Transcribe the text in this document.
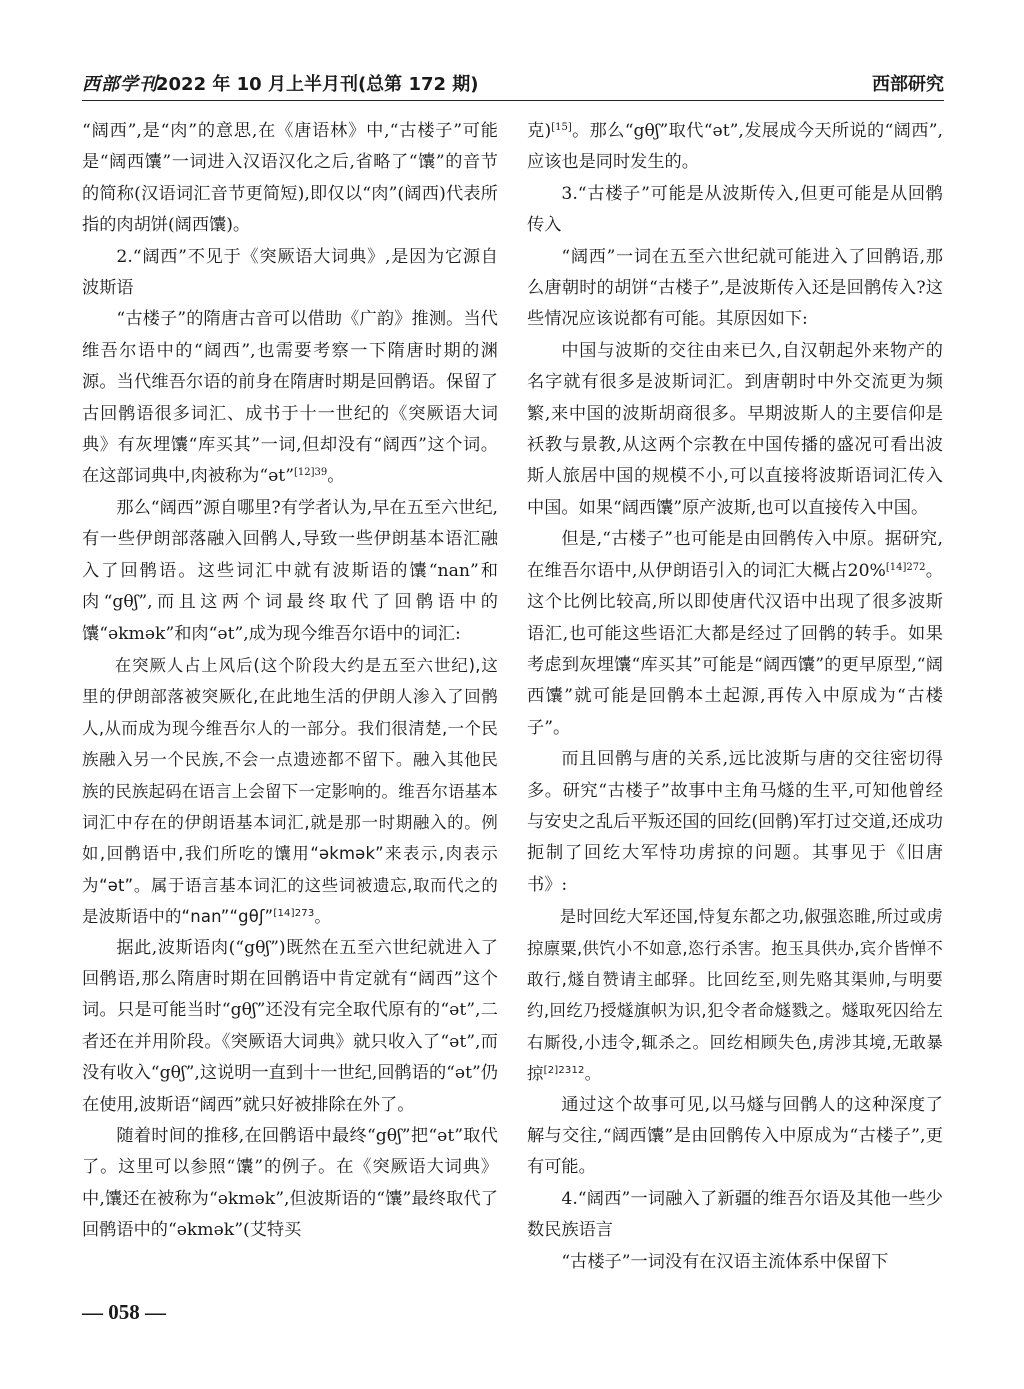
西部学刊
2022 年 10 月上半月刊(总第 172 期)	西部研究

“阔西”,是“肉”的意思,在《唐语林》中,“古楼子”可能是“阔西馕”一词进入汉语汉化之后,省略了“馕”的音节的简称(汉语词汇音节更简短),即仅以“肉”(阔西)代表所指的肉胡饼(阔西馕)。

2.“阔西”不见于《突厥语大词典》,是因为它源自波斯语

“古楼子”的隋唐古音可以借助《广韵》推测。当代维吾尔语中的“阔西”,也需要考察一下隋唐时期的渊源。当代维吾尔语的前身在隋唐时期是回鹘语。保留了古回鹘语很多词汇、成书于十一世纪的《突厥语大词典》有灰埋馕“库买其”一词,但却没有“阔西”这个词。在这部词典中,肉被称为“ət”$^{[12]39}$。

那么“阔西”源自哪里?有学者认为,早在五至六世纪,有一些伊朗部落融入回鹘人,导致一些伊朗基本语汇融入了回鹘语。这些词汇中就有波斯语的馕“nan”和肉“gθʃ”,而且这两个词最终取代了回鹘语中的馕“əkmək”和肉“ət”,成为现今维吾尔语中的词汇:

在突厥人占上风后(这个阶段大约是五至六世纪),这里的伊朗部落被突厥化,在此地生活的伊朗人渗入了回鹘人,从而成为现今维吾尔人的一部分。我们很清楚,一个民族融入另一个民族,不会一点遗迹都不留下。融入其他民族的民族起码在语言上会留下一定影响的。维吾尔语基本词汇中存在的伊朗语基本词汇,就是那一时期融入的。例如,回鹘语中,我们所吃的馕用“əkmək”来表示,肉表示为“ət”。属于语言基本词汇的这些词被遗忘,取而代之的是波斯语中的“nan”“gθʃ”$^{[14]273}$。

据此,波斯语肉(“gθʃ”)既然在五至六世纪就进入了回鹘语,那么隋唐时期在回鹘语中肯定就有“阔西”这个词。只是可能当时“gθʃ”还没有完全取代原有的“ət”,二者还在并用阶段。《突厥语大词典》就只收入了“ət”,而没有收入“gθʃ”,这说明一直到十一世纪,回鹘语的“ət”仍在使用,波斯语“阔西”就只好被排除在外了。

随着时间的推移,在回鹘语中最终“gθʃ”把“ət”取代了。这里可以参照“馕”的例子。在《突厥语大词典》中,馕还在被称为“əkmək”,但波斯语的“馕”最终取代了回鹘语中的“əkmək”(艾特买

克)[15]。那么“gθʃ”取代“ət”,发展成今天所说的“阔西”,应该也是同时发生的。

3.“古楼子”可能是从波斯传入,但更可能是从回鹘传入

“阔西”一词在五至六世纪就可能进入了回鹘语,那么唐朝时的胡饼“古楼子”,是波斯传入还是回鹘传入?这些情况应该说都有可能。其原因如下:

中国与波斯的交往由来已久,自汉朝起外来物产的名字就有很多是波斯词汇。到唐朝时中外交流更为频繁,来中国的波斯胡商很多。早期波斯人的主要信仰是袄教与景教,从这两个宗教在中国传播的盛况可看出波斯人旅居中国的规模不小,可以直接将波斯语词汇传入中国。如果“阔西馕”原产波斯,也可以直接传入中国。

但是,“古楼子”也可能是由回鹘传入中原。据研究,在维吾尔语中,从伊朗语引入的词汇大概占20%$^{[14]272}$。这个比例比较高,所以即使唐代汉语中出现了很多波斯语汇,也可能这些语汇大都是经过了回鹘的转手。如果考虑到灰埋馕“库买其”可能是“阔西馕”的更早原型,“阔西馕”就可能是回鹘本土起源,再传入中原成为“古楼子”。

而且回鹘与唐的关系,远比波斯与唐的交往密切得多。研究“古楼子”故事中主角马燧的生平,可知他曾经与安史之乱后平叛还国的回纥(回鹘)军打过交道,还成功扼制了回纥大军恃功虏掠的问题。其事见于《旧唐书》:

是时回纥大军还国,恃复东都之功,俶强恣睢,所过或虏掠廪粟,供饩小不如意,恣行杀害。抱玉具供办,宾介皆惮不敢行,燧自赞请主邮驿。比回纥至,则先赂其渠帅,与明要约,回纥乃授燧旗帜为识,犯令者命燧戮之。燧取死囚给左右厮役,小违令,辄杀之。回纥相顾失色,虏涉其境,无敢暴掠$^{[2]2312}$。

通过这个故事可见,以马燧与回鹘人的这种深度了解与交往,“阔西馕”是由回鹘传入中原成为“古楼子”,更有可能。

4.“阔西”一词融入了新疆的维吾尔语及其他一些少数民族语言

“古楼子”一词没有在汉语主流体系中保留下

— 058 —
